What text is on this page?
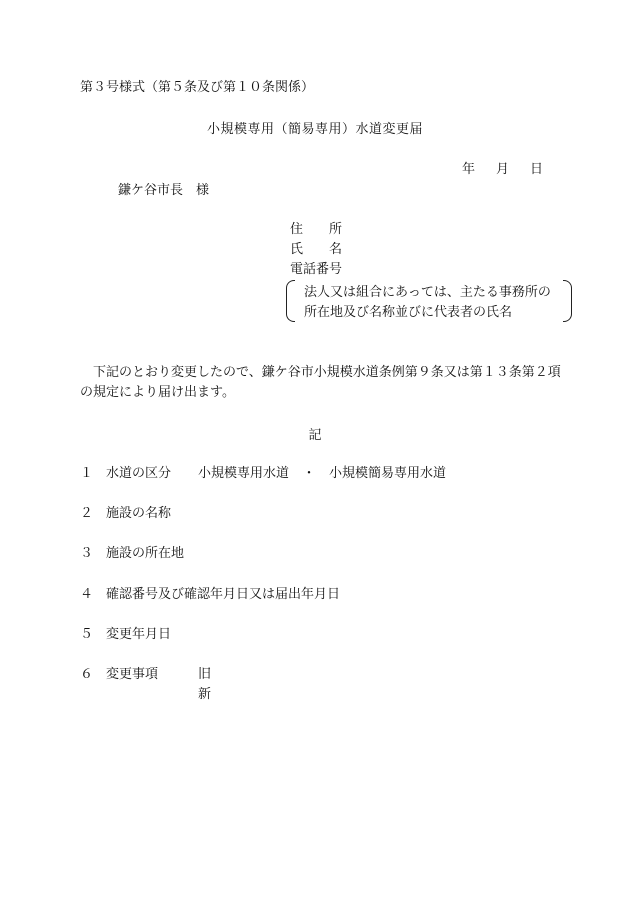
第３号様式（第５条及び第１０条関係）
小規模専用（簡易専用）水道変更届
年 月 日
鎌ケ谷市長　様
住　　所
氏　　名
電話番号
法人又は組合にあっては、主たる事務所の
所在地及び名称並びに代表者の氏名
下記のとおり変更したので、鎌ケ谷市小規模水道条例第９条又は第１３条第２項
の規定により届け出ます。
記
１ 水道の区分 小規模専用水道 ・ 小規模簡易専用水道
２ 施設の名称
３ 施設の所在地
４ 確認番号及び確認年月日又は届出年月日
５ 変更年月日
６ 変更事項	旧
新
